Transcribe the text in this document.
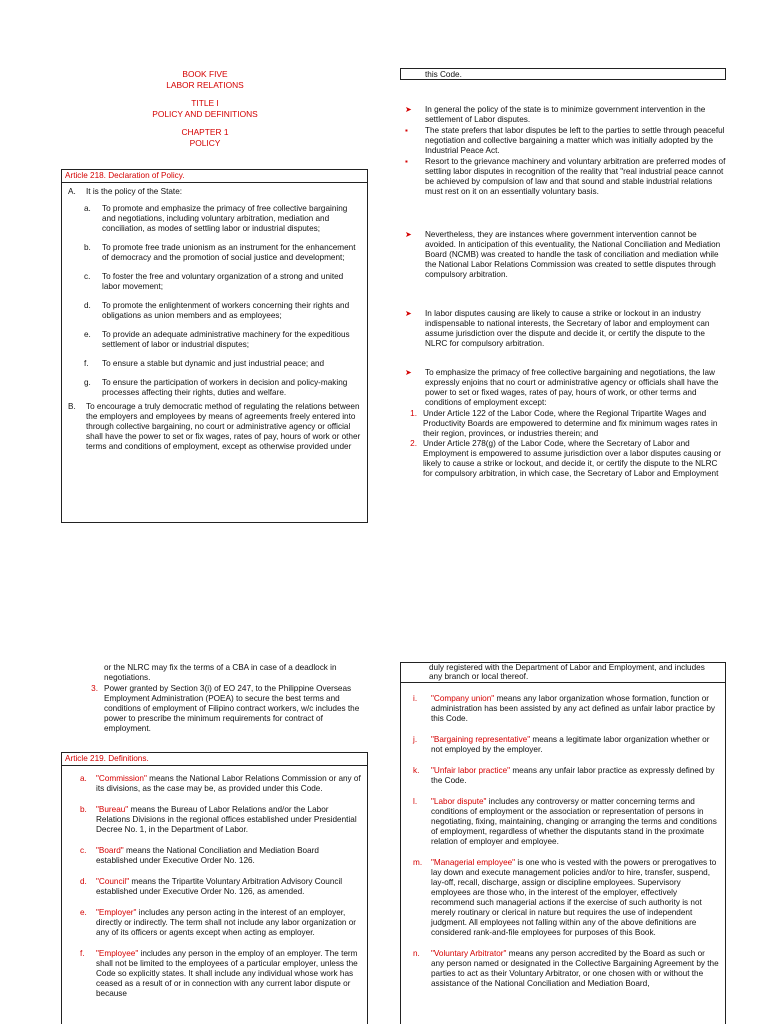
BOOK FIVE
LABOR RELATIONS
TITLE I
POLICY AND DEFINITIONS
CHAPTER 1
POLICY
Article 218. Declaration of Policy.
A.	It is the policy of the State:
a.	To promote and emphasize the primacy of free collective bargaining and negotiations, including voluntary arbitration, mediation and conciliation, as modes of settling labor or industrial disputes;
b.	To promote free trade unionism as an instrument for the enhancement of democracy and the promotion of social justice and development;
c.	To foster the free and voluntary organization of a strong and united labor movement;
d.	To promote the enlightenment of workers concerning their rights and obligations as union members and as employees;
e.	To provide an adequate administrative machinery for the expeditious settlement of labor or industrial disputes;
f.	To ensure a stable but dynamic and just industrial peace; and
g.	To ensure the participation of workers in decision and policy-making processes affecting their rights, duties and welfare.
B.	To encourage a truly democratic method of regulating the relations between the employers and employees by means of agreements freely entered into through collective bargaining, no court or administrative agency or official shall have the power to set or fix wages, rates of pay, hours of work or other terms and conditions of employment, except as otherwise provided under
this Code.
➤	In general the policy of the state is to minimize government intervention in the settlement of Labor disputes.
▪	The state prefers that labor disputes be left to the parties to settle through peaceful negotiation and collective bargaining a matter which was initially adopted by the Industrial Peace Act.
▪	Resort to the grievance machinery and voluntary arbitration are preferred modes of settling labor disputes in recognition of the reality that "real industrial peace cannot be achieved by compulsion of law and that sound and stable industrial relations must rest on it on an essentially voluntary basis.
➤	Nevertheless, they are instances where government intervention cannot be avoided. In anticipation of this eventuality, the National Conciliation and Mediation Board (NCMB) was created to handle the task of conciliation and mediation while the National Labor Relations Commission was created to settle disputes through compulsory arbitration.
➤	In labor disputes causing are likely to cause a strike or lockout in an industry indispensable to national interests, the Secretary of labor and employment can assume jurisdiction over the dispute and decide it, or certify the dispute to the NLRC for compulsory arbitration.
➤	To emphasize the primacy of free collective bargaining and negotiations, the law expressly enjoins that no court or administrative agency or officials shall have the power to set or fixed wages, rates of pay, hours of work, or other terms and conditions of employment except:
1. Under Article 122 of the Labor Code, where the Regional Tripartite Wages and Productivity Boards are empowered to determine and fix minimum wages rates in their region, provinces, or industries therein; and
2. Under Article 278(g) of the Labor Code, where the Secretary of Labor and Employment is empowered to assume jurisdiction over a labor disputes causing or likely to cause a strike or lockout, and decide it, or certify the dispute to the NLRC for compulsory arbitration, in which case, the Secretary of Labor and Employment
or the NLRC may fix the terms of a CBA in case of a deadlock in negotiations.
3. Power granted by Section 3(i) of EO 247, to the Philippine Overseas Employment Administration (POEA) to secure the best terms and conditions of employment of Filipino contract workers, w/c includes the power to prescribe the minimum requirements for contract of employment.
Article 219. Definitions.
a.	"Commission" means the National Labor Relations Commission or any of its divisions, as the case may be, as provided under this Code.
b.	"Bureau" means the Bureau of Labor Relations and/or the Labor Relations Divisions in the regional offices established under Presidential Decree No. 1, in the Department of Labor.
c.	"Board" means the National Conciliation and Mediation Board established under Executive Order No. 126.
d.	"Council" means the Tripartite Voluntary Arbitration Advisory Council established under Executive Order No. 126, as amended.
e.	"Employer" includes any person acting in the interest of an employer, directly or indirectly. The term shall not include any labor organization or any of its officers or agents except when acting as employer.
f.	"Employee" includes any person in the employ of an employer. The term shall not be limited to the employees of a particular employer, unless the Code so explicitly states. It shall include any individual whose work has ceased as a result of or in connection with any current labor dispute or because
duly registered with the Department of Labor and Employment, and includes any branch or local thereof.
i.	"Company union" means any labor organization whose formation, function or administration has been assisted by any act defined as unfair labor practice by this Code.
j.	"Bargaining representative" means a legitimate labor organization whether or not employed by the employer.
k.	"Unfair labor practice" means any unfair labor practice as expressly defined by the Code.
l.	"Labor dispute" includes any controversy or matter concerning terms and conditions of employment or the association or representation of persons in negotiating, fixing, maintaining, changing or arranging the terms and conditions of employment, regardless of whether the disputants stand in the proximate relation of employer and employee.
m.	"Managerial employee" is one who is vested with the powers or prerogatives to lay down and execute management policies and/or to hire, transfer, suspend, lay-off, recall, discharge, assign or discipline employees. Supervisory employees are those who, in the interest of the employer, effectively recommend such managerial actions if the exercise of such authority is not merely routinary or clerical in nature but requires the use of independent judgment. All employees not falling within any of the above definitions are considered rank-and-file employees for purposes of this Book.
n.	"Voluntary Arbitrator" means any person accredited by the Board as such or any person named or designated in the Collective Bargaining Agreement by the parties to act as their Voluntary Arbitrator, or one chosen with or without the assistance of the National Conciliation and Mediation Board,
